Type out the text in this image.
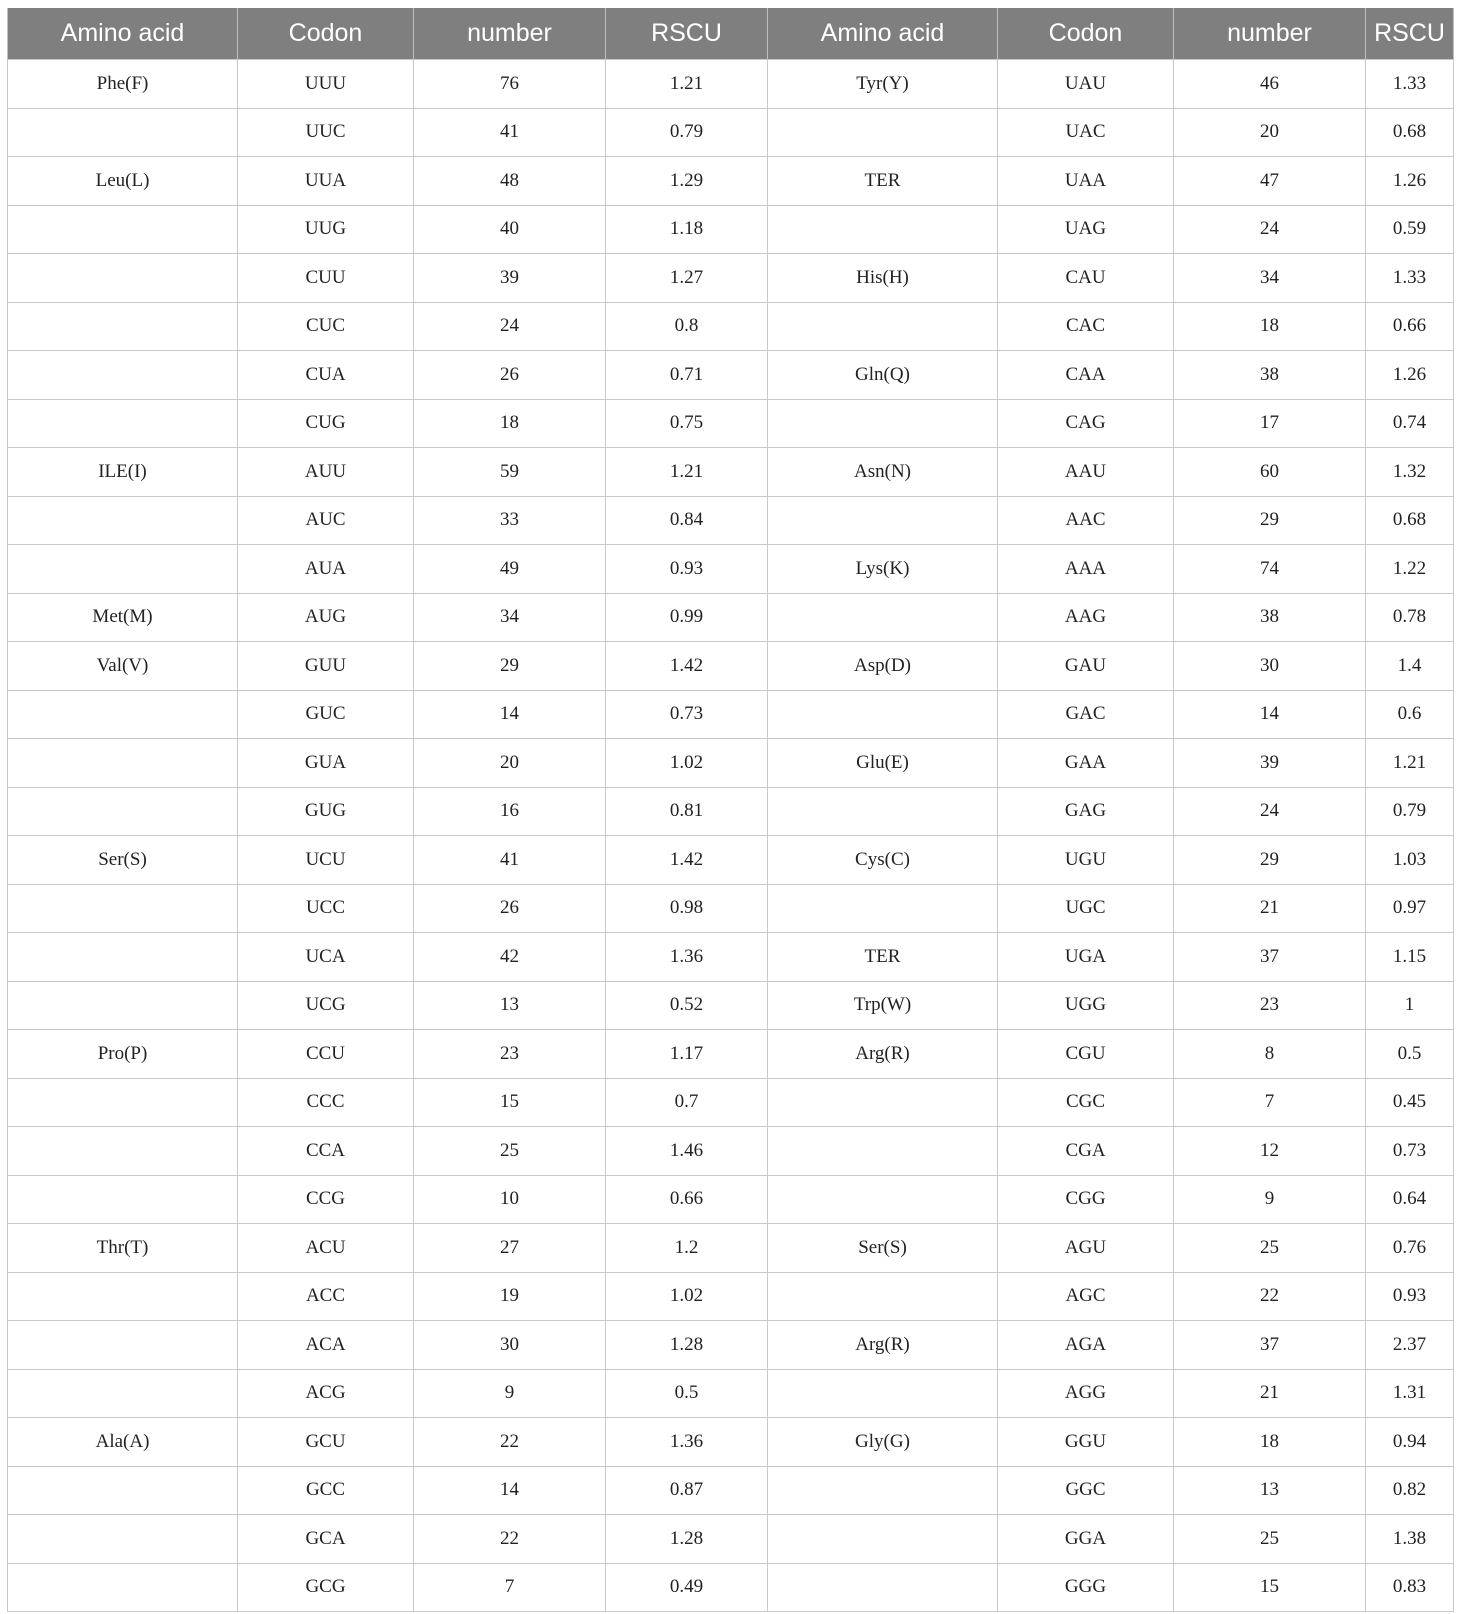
Amino acid	Codon	number	RSCU	Amino acid	Codon	number	RSCU
Phe(F)	UUU	76	1.21	Tyr(Y)	UAU	46	1.33
	UUC	41	0.79		UAC	20	0.68
Leu(L)	UUA	48	1.29	TER	UAA	47	1.26
	UUG	40	1.18		UAG	24	0.59
	CUU	39	1.27	His(H)	CAU	34	1.33
	CUC	24	0.8		CAC	18	0.66
	CUA	26	0.71	Gln(Q)	CAA	38	1.26
	CUG	18	0.75		CAG	17	0.74
ILE(I)	AUU	59	1.21	Asn(N)	AAU	60	1.32
	AUC	33	0.84		AAC	29	0.68
	AUA	49	0.93	Lys(K)	AAA	74	1.22
Met(M)	AUG	34	0.99		AAG	38	0.78
Val(V)	GUU	29	1.42	Asp(D)	GAU	30	1.4
	GUC	14	0.73		GAC	14	0.6
	GUA	20	1.02	Glu(E)	GAA	39	1.21
	GUG	16	0.81		GAG	24	0.79
Ser(S)	UCU	41	1.42	Cys(C)	UGU	29	1.03
	UCC	26	0.98		UGC	21	0.97
	UCA	42	1.36	TER	UGA	37	1.15
	UCG	13	0.52	Trp(W)	UGG	23	1
Pro(P)	CCU	23	1.17	Arg(R)	CGU	8	0.5
	CCC	15	0.7		CGC	7	0.45
	CCA	25	1.46		CGA	12	0.73
	CCG	10	0.66		CGG	9	0.64
Thr(T)	ACU	27	1.2	Ser(S)	AGU	25	0.76
	ACC	19	1.02		AGC	22	0.93
	ACA	30	1.28	Arg(R)	AGA	37	2.37
	ACG	9	0.5		AGG	21	1.31
Ala(A)	GCU	22	1.36	Gly(G)	GGU	18	0.94
	GCC	14	0.87		GGC	13	0.82
	GCA	22	1.28		GGA	25	1.38
	GCG	7	0.49		GGG	15	0.83
